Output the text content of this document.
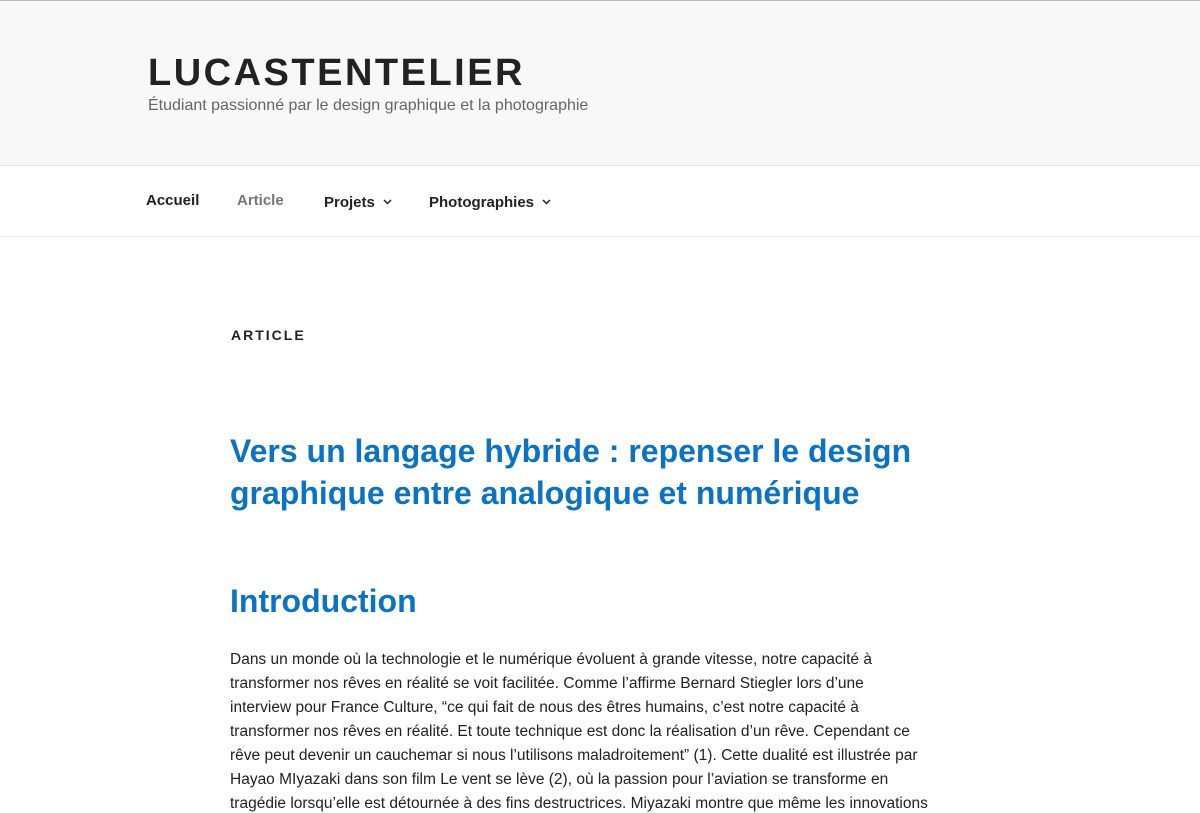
LUCASTENTELIER
Étudiant passionné par le design graphique et la photographie
Accueil	Article	Projets	Photographies
ARTICLE
Vers un langage hybride : repenser le design graphique entre analogique et numérique
Introduction
Dans un monde où la technologie et le numérique évoluent à grande vitesse, notre capacité à
transformer nos rêves en réalité se voit facilitée. Comme l’affirme Bernard Stiegler lors d’une
interview pour France Culture, “ce qui fait de nous des êtres humains, c’est notre capacité à
transformer nos rêves en réalité. Et toute technique est donc la réalisation d’un rêve. Cependant ce
rêve peut devenir un cauchemar si nous l’utilisons maladroitement” (1). Cette dualité est illustrée par
Hayao MIyazaki dans son film Le vent se lève (2), où la passion pour l’aviation se transforme en
tragédie lorsqu’elle est détournée à des fins destructrices. Miyazaki montre que même les innovations
